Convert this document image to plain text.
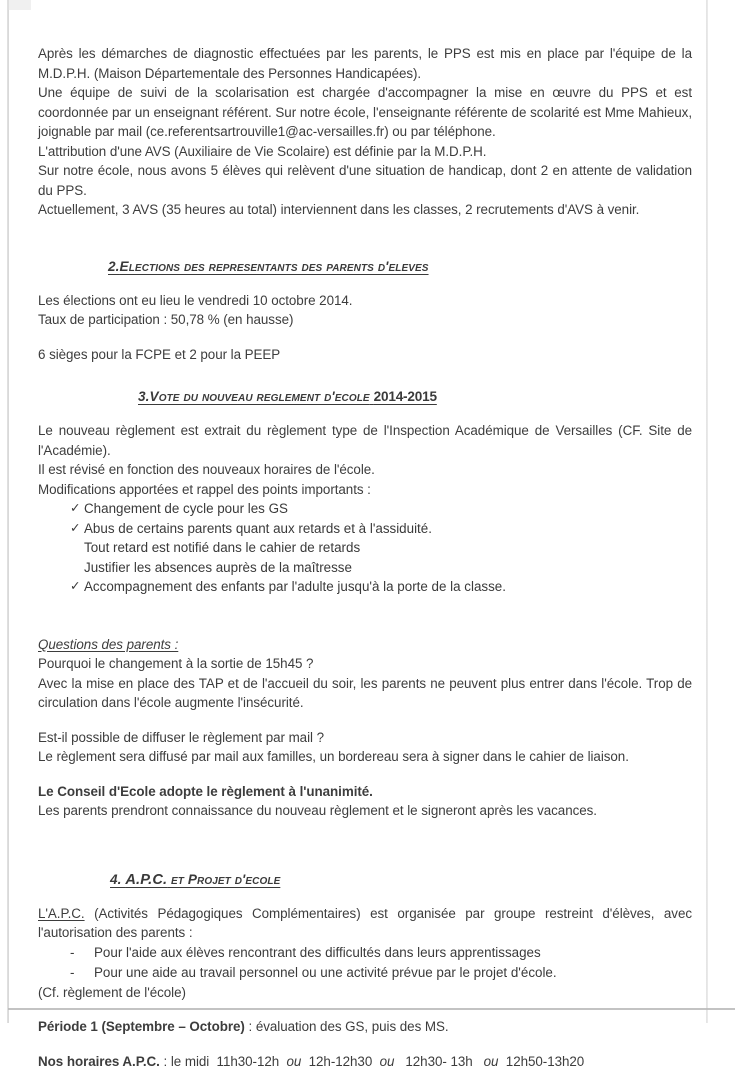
Après les démarches de diagnostic effectuées par les parents, le PPS est mis en place par l'équipe de la M.D.P.H. (Maison Départementale des Personnes Handicapées).

Une équipe de suivi de la scolarisation est chargée d'accompagner la mise en œuvre du PPS et est coordonnée par un enseignant référent. Sur notre école, l'enseignante référente de scolarité est Mme Mahieux, joignable par mail (ce.referentsartrouville1@ac-versailles.fr) ou par téléphone.

L'attribution d'une AVS (Auxiliaire de Vie Scolaire) est définie par la M.D.P.H.

Sur notre école, nous avons 5 élèves qui relèvent d'une situation de handicap, dont 2 en attente de validation du PPS.

Actuellement, 3 AVS (35 heures au total) interviennent dans les classes, 2 recrutements d'AVS à venir.

2.Elections des representants des parents d'eleves

Les élections ont eu lieu le vendredi 10 octobre 2014.

Taux de participation : 50,78 % (en hausse)

6 sièges pour la FCPE et 2 pour la PEEP

3.Vote du nouveau reglement d'ecole 2014-2015

Le nouveau règlement est extrait du règlement type de l'Inspection Académique de Versailles (CF. Site de l'Académie).

Il est révisé en fonction des nouveaux horaires de l'école.

Modifications apportées et rappel des points importants :

✓ Changement de cycle pour les GS
✓ Abus de certains parents quant aux retards et à l'assiduité.
Tout retard est notifié dans le cahier de retards
Justifier les absences auprès de la maîtresse
✓ Accompagnement des enfants par l'adulte jusqu'à la porte de la classe.
Questions des parents :

Pourquoi le changement à la sortie de 15h45 ?

Avec la mise en place des TAP et de l'accueil du soir, les parents ne peuvent plus entrer dans l'école. Trop de circulation dans l'école augmente l'insécurité.

Est-il possible de diffuser le règlement par mail ?

Le règlement sera diffusé par mail aux familles, un bordereau sera à signer dans le cahier de liaison.

Le Conseil d'Ecole adopte le règlement à l'unanimité.

Les parents prendront connaissance du nouveau règlement et le signeront après les vacances.

4. A.P.C. et Projet d'ecole

L'A.P.C. (Activités Pédagogiques Complémentaires) est organisée par groupe restreint d'élèves, avec l'autorisation des parents :

- Pour l'aide aux élèves rencontrant des difficultés dans leurs apprentissages
- Pour une aide au travail personnel ou une activité prévue par le projet d'école.

(Cf. règlement de l'école)

Période 1 (Septembre – Octobre) : évaluation des GS, puis des MS.

Nos horaires A.P.C. : le midi 11h30-12h ou 12h-12h30 ou 12h30- 13h ou 12h50-13h20
